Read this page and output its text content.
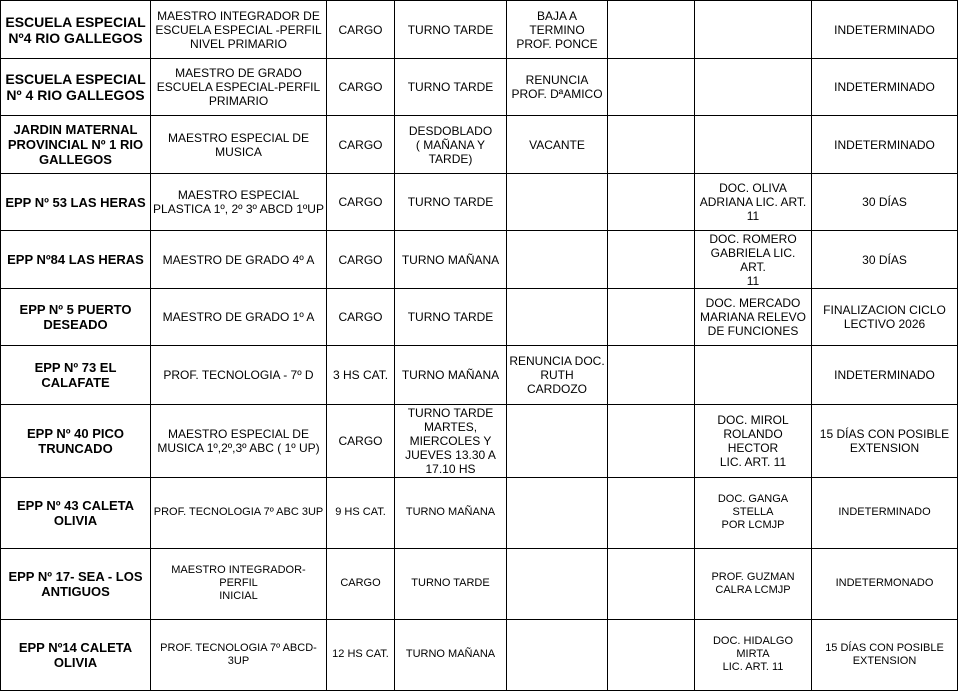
ESCUELA ESPECIAL
Nº4 RIO GALLEGOS	MAESTRO INTEGRADOR DE
ESCUELA ESPECIAL -PERFIL
NIVEL PRIMARIO	CARGO	TURNO TARDE	BAJA A TERMINO
PROF. PONCE			INDETERMINADO
ESCUELA ESPECIAL
Nº 4 RIO GALLEGOS	MAESTRO DE GRADO
ESCUELA ESPECIAL-PERFIL
PRIMARIO	CARGO	TURNO TARDE	RENUNCIA
PROF. DªAMICO			INDETERMINADO
JARDIN MATERNAL
PROVINCIAL Nº 1 RIO
GALLEGOS	MAESTRO ESPECIAL DE
MUSICA	CARGO	DESDOBLADO
( MAÑANA Y
TARDE)	VACANTE			INDETERMINADO
EPP Nº 53 LAS HERAS	MAESTRO ESPECIAL
PLASTICA 1º, 2º 3º ABCD 1ºUP	CARGO	TURNO TARDE			DOC. OLIVA
ADRIANA LIC. ART.
11	30 DÍAS
EPP Nº84 LAS HERAS	MAESTRO DE GRADO 4º A	CARGO	TURNO MAÑANA			DOC. ROMERO
GABRIELA LIC. ART.
11	30 DÍAS
EPP Nº 5 PUERTO
DESEADO	MAESTRO DE GRADO 1º A	CARGO	TURNO TARDE			DOC. MERCADO
MARIANA RELEVO
DE FUNCIONES	FINALIZACION CICLO
LECTIVO 2026
EPP Nº 73 EL CALAFATE	PROF. TECNOLOGIA - 7º D	3 HS CAT.	TURNO MAÑANA	RENUNCIA DOC.
RUTH CARDOZO			INDETERMINADO
EPP Nº 40 PICO
TRUNCADO	MAESTRO ESPECIAL DE
MUSICA 1º,2º,3º ABC ( 1º UP)	CARGO	TURNO TARDE
MARTES,
MIERCOLES Y
JUEVES 13.30 A
17.10 HS			DOC. MIROL
ROLANDO HECTOR
LIC. ART. 11	15 DÍAS CON POSIBLE
EXTENSION
EPP Nº 43 CALETA OLIVIA	PROF. TECNOLOGIA 7º ABC 3UP	9 HS CAT.	TURNO MAÑANA			DOC. GANGA STELLA
POR LCMJP	INDETERMINADO
EPP Nº 17- SEA - LOS
ANTIGUOS	MAESTRO INTEGRADOR- PERFIL
INICIAL	CARGO	TURNO TARDE			PROF. GUZMAN
CALRA LCMJP	INDETERMONADO
EPP Nº14 CALETA OLIVIA	PROF. TECNOLOGIA 7º ABCD- 3UP	12 HS CAT.	TURNO MAÑANA			DOC. HIDALGO MIRTA
LIC. ART. 11	15 DÍAS CON POSIBLE
EXTENSION
